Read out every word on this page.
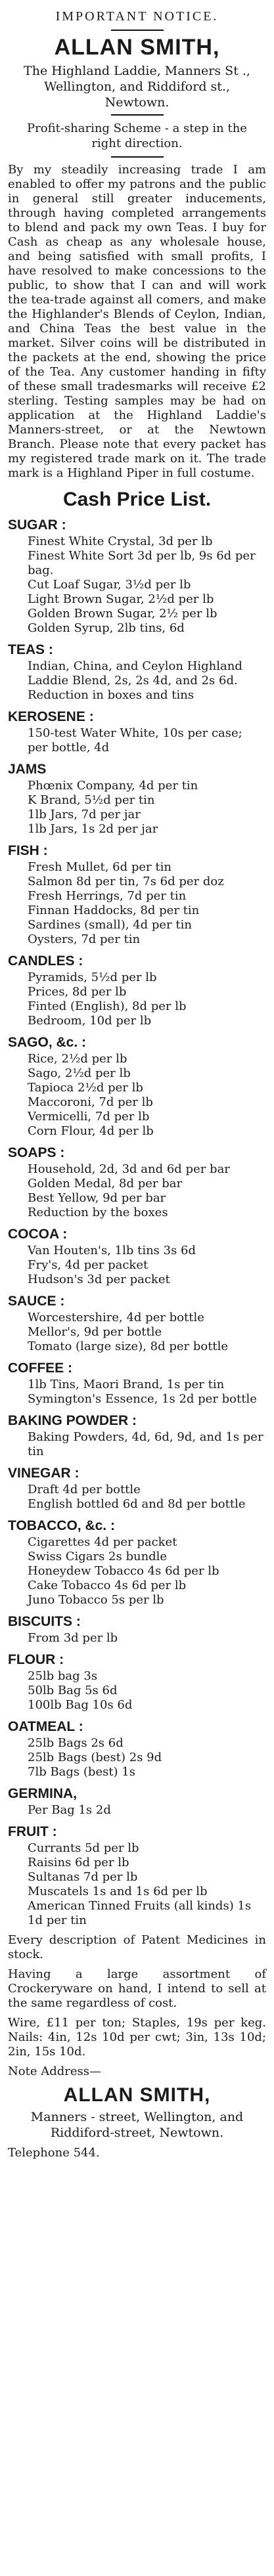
IMPORTANT NOTICE.
ALLAN SMITH,
The Highland Laddie, Manners St ., Wellington, and Riddiford st., Newtown.
Profit-sharing Scheme - a step in the right direction.
By my steadily increasing trade I am enabled to offer my patrons and the public in general still greater inducements, through having completed arrangements to blend and pack my own Teas. I buy for Cash as cheap as any wholesale house, and being satisfied with small profits, I have resolved to make concessions to the public, to show that I can and will work the tea-trade against all comers, and make the Highlander's Blends of Ceylon, Indian, and China Teas the best value in the market. Silver coins will be distributed in the packets at the end, showing the price of the Tea. Any customer handing in fifty of these small tradesmarks will receive £2 sterling. Testing samples may be had on application at the Highland Laddie's Manners-street, or at the Newtown Branch. Please note that every packet has my registered trade mark on it. The trade mark is a Highland Piper in full costume.
Cash Price List.
SUGAR :
Finest White Crystal, 3d per lb
Finest White Sort 3d per lb, 9s 6d per bag.
Cut Loaf Sugar, 3½d per lb
Light Brown Sugar, 2½d per lb
Golden Brown Sugar, 2½ per lb
Golden Syrup, 2lb tins, 6d
TEAS :
Indian, China, and Ceylon Highland Laddie Blend, 2s, 2s 4d, and 2s 6d. Reduction in boxes and tins
KEROSENE :
150-test Water White, 10s per case; per bottle, 4d
JAMS
Phœnix Company, 4d per tin
K Brand, 5½d per tin
1lb Jars, 7d per jar
1lb Jars, 1s 2d per jar
FISH :
Fresh Mullet, 6d per tin
Salmon 8d per tin, 7s 6d per doz
Fresh Herrings, 7d per tin
Finnan Haddocks, 8d per tin
Sardines (small), 4d per tin
Oysters, 7d per tin
CANDLES :
Pyramids, 5½d per lb
Prices, 8d per lb
Finted (English), 8d per lb
Bedroom, 10d per lb
SAGO, &c. :
Rice, 2½d per lb
Sago, 2½d per lb
Tapioca 2½d per lb
Maccoroni, 7d per lb
Vermicelli, 7d per lb
Corn Flour, 4d per lb
SOAPS :
Household, 2d, 3d and 6d per bar
Golden Medal, 8d per bar
Best Yellow, 9d per bar
Reduction by the boxes
COCOA :
Van Houten's, 1lb tins 3s 6d
Fry's, 4d per packet
Hudson's 3d per packet
SAUCE :
Worcestershire, 4d per bottle
Mellor's, 9d per bottle
Tomato (large size), 8d per bottle
COFFEE :
1lb Tins, Maori Brand, 1s per tin
Symington's Essence, 1s 2d per bottle
BAKING POWDER :
Baking Powders, 4d, 6d, 9d, and 1s per tin
VINEGAR :
Draft 4d per bottle
English bottled 6d and 8d per bottle
TOBACCO, &c. :
Cigarettes 4d per packet
Swiss Cigars 2s bundle
Honeydew Tobacco 4s 6d per lb
Cake Tobacco 4s 6d per lb
Juno Tobacco 5s per lb
BISCUITS :
From 3d per lb
FLOUR :
25lb bag 3s
50lb Bag 5s 6d
100lb Bag 10s 6d
OATMEAL :
25lb Bags 2s 6d
25lb Bags (best) 2s 9d
7lb Bags (best) 1s
GERMINA,
Per Bag 1s 2d
FRUIT :
Currants 5d per lb
Raisins 6d per lb
Sultanas 7d per lb
Muscatels 1s and 1s 6d per lb
American Tinned Fruits (all kinds) 1s 1d per tin
Every description of Patent Medicines in stock.
Having a large assortment of Crockeryware on hand, I intend to sell at the same regardless of cost.
Wire, £11 per ton; Staples, 19s per keg. Nails: 4in, 12s 10d per cwt; 3in, 13s 10d; 2in, 15s 10d.
Note Address—
ALLAN SMITH,
Manners - street, Wellington, and Riddiford-street, Newtown.
Telephone 544.
